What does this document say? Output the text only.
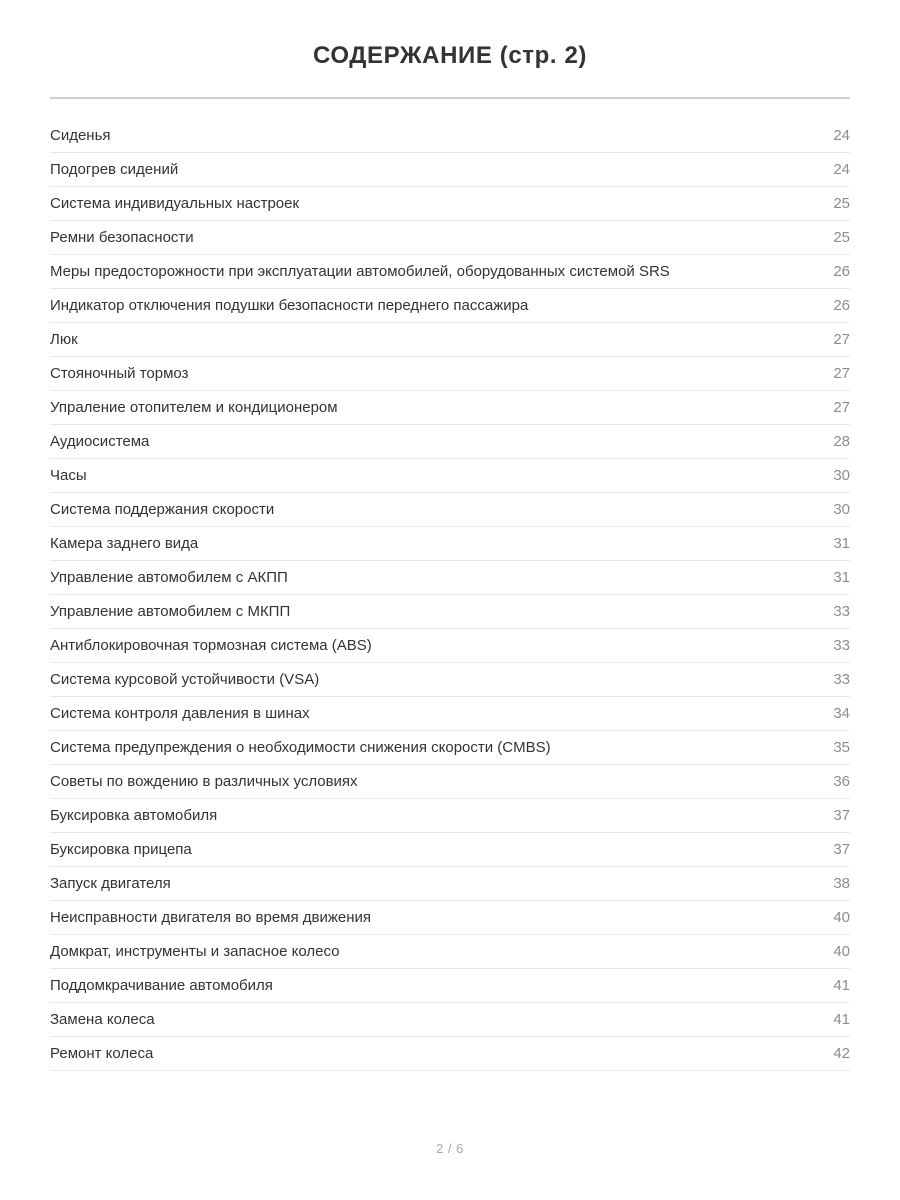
СОДЕРЖАНИЕ (стр. 2)
Сиденья	24
Подогрев сидений	24
Система индивидуальных настроек	25
Ремни безопасности	25
Меры предосторожности при эксплуатации автомобилей, оборудованных системой SRS	26
Индикатор отключения подушки безопасности переднего пассажира	26
Люк	27
Стояночный тормоз	27
Упраление отопителем и кондиционером	27
Аудиосистема	28
Часы	30
Система поддержания скорости	30
Камера заднего вида	31
Управление автомобилем с АКПП	31
Управление автомобилем с МКПП	33
Антиблокировочная тормозная система (ABS)	33
Система курсовой устойчивости (VSA)	33
Система контроля давления в шинах	34
Система предупреждения о необходимости снижения скорости (CMBS)	35
Советы по вождению в различных условиях	36
Буксировка автомобиля	37
Буксировка прицепа	37
Запуск двигателя	38
Неисправности двигателя во время движения	40
Домкрат, инструменты и запасное колесо	40
Поддомкрачивание автомобиля	41
Замена колеса	41
Ремонт колеса	42
2 / 6
